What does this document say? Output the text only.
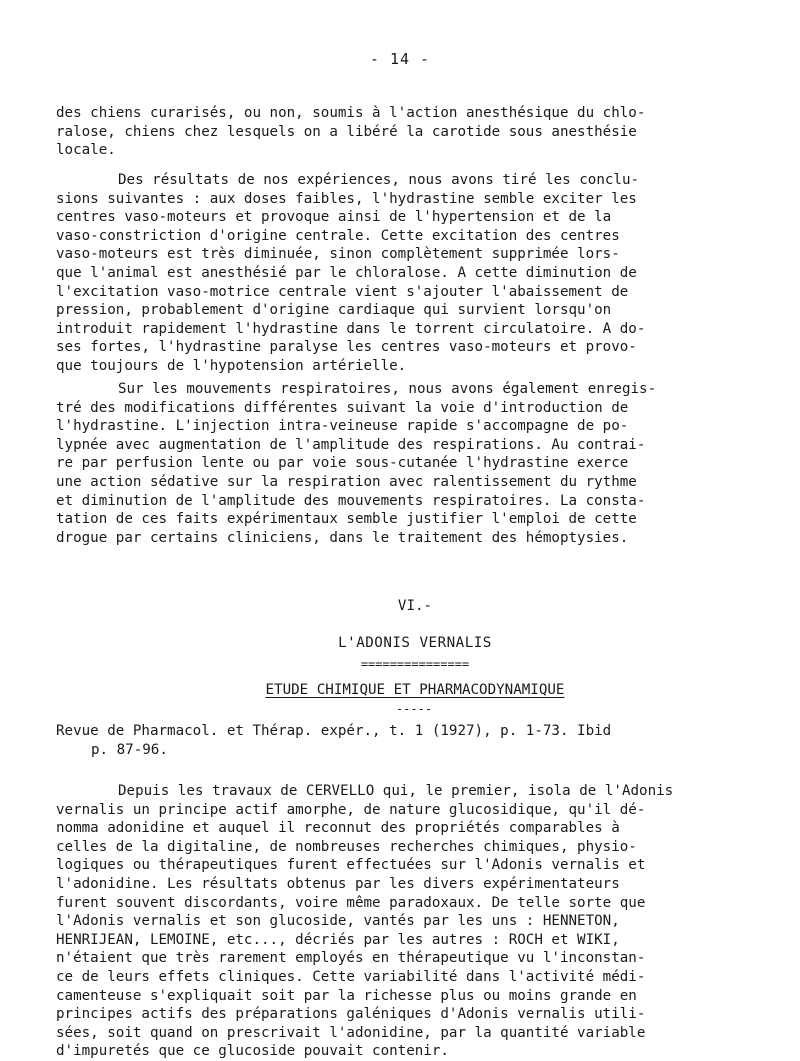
- 14 -
des chiens curarisés, ou non, soumis à l'action anesthésique du chlo-
ralose, chiens chez lesquels on a libéré la carotide sous anesthésie
locale.
Des résultats de nos expériences, nous avons tiré les conclu-
sions suivantes : aux doses faibles, l'hydrastine semble exciter les
centres vaso-moteurs et provoque ainsi de l'hypertension et de la
vaso-constriction d'origine centrale. Cette excitation des centres
vaso-moteurs est très diminuée, sinon complètement supprimée lors-
que l'animal est anesthésié par le chloralose. A cette diminution de
l'excitation vaso-motrice centrale vient s'ajouter l'abaissement de
pression, probablement d'origine cardiaque qui survient lorsqu'on
introduit rapidement l'hydrastine dans le torrent circulatoire. A do-
ses fortes, l'hydrastine paralyse les centres vaso-moteurs et provo-
que toujours de l'hypotension artérielle.
Sur les mouvements respiratoires, nous avons également enregis-
tré des modifications différentes suivant la voie d'introduction de
l'hydrastine. L'injection intra-veineuse rapide s'accompagne de po-
lypnée avec augmentation de l'amplitude des respirations. Au contrai-
re par perfusion lente ou par voie sous-cutanée l'hydrastine exerce
une action sédative sur la respiration avec ralentissement du rythme
et diminution de l'amplitude des mouvements respiratoires. La consta-
tation de ces faits expérimentaux semble justifier l'emploi de cette
drogue par certains cliniciens, dans le traitement des hémoptysies.
VI.-
L'ADONIS VERNALIS
===============
ETUDE CHIMIQUE ET PHARMACODYNAMIQUE
-----
Revue de Pharmacol. et Thérap. expér., t. 1 (1927), p. 1-73. Ibid
p. 87-96.
Depuis les travaux de CERVELLO qui, le premier, isola de l'Adonis
vernalis un principe actif amorphe, de nature glucosidique, qu'il dé-
nomma adonidine et auquel il reconnut des propriétés comparables à
celles de la digitaline, de nombreuses recherches chimiques, physio-
logiques ou thérapeutiques furent effectuées sur l'Adonis vernalis et
l'adonidine. Les résultats obtenus par les divers expérimentateurs
furent souvent discordants, voire même paradoxaux. De telle sorte que
l'Adonis vernalis et son glucoside, vantés par les uns : HENNETON,
HENRIJEAN, LEMOINE, etc..., décriés par les autres : ROCH et WIKI,
n'étaient que très rarement employés en thérapeutique vu l'inconstan-
ce de leurs effets cliniques. Cette variabilité dans l'activité médi-
camenteuse s'expliquait soit par la richesse plus ou moins grande en
principes actifs des préparations galéniques d'Adonis vernalis utili-
sées, soit quand on prescrivait l'adonidine, par la quantité variable
d'impuretés que ce glucoside pouvait contenir.
